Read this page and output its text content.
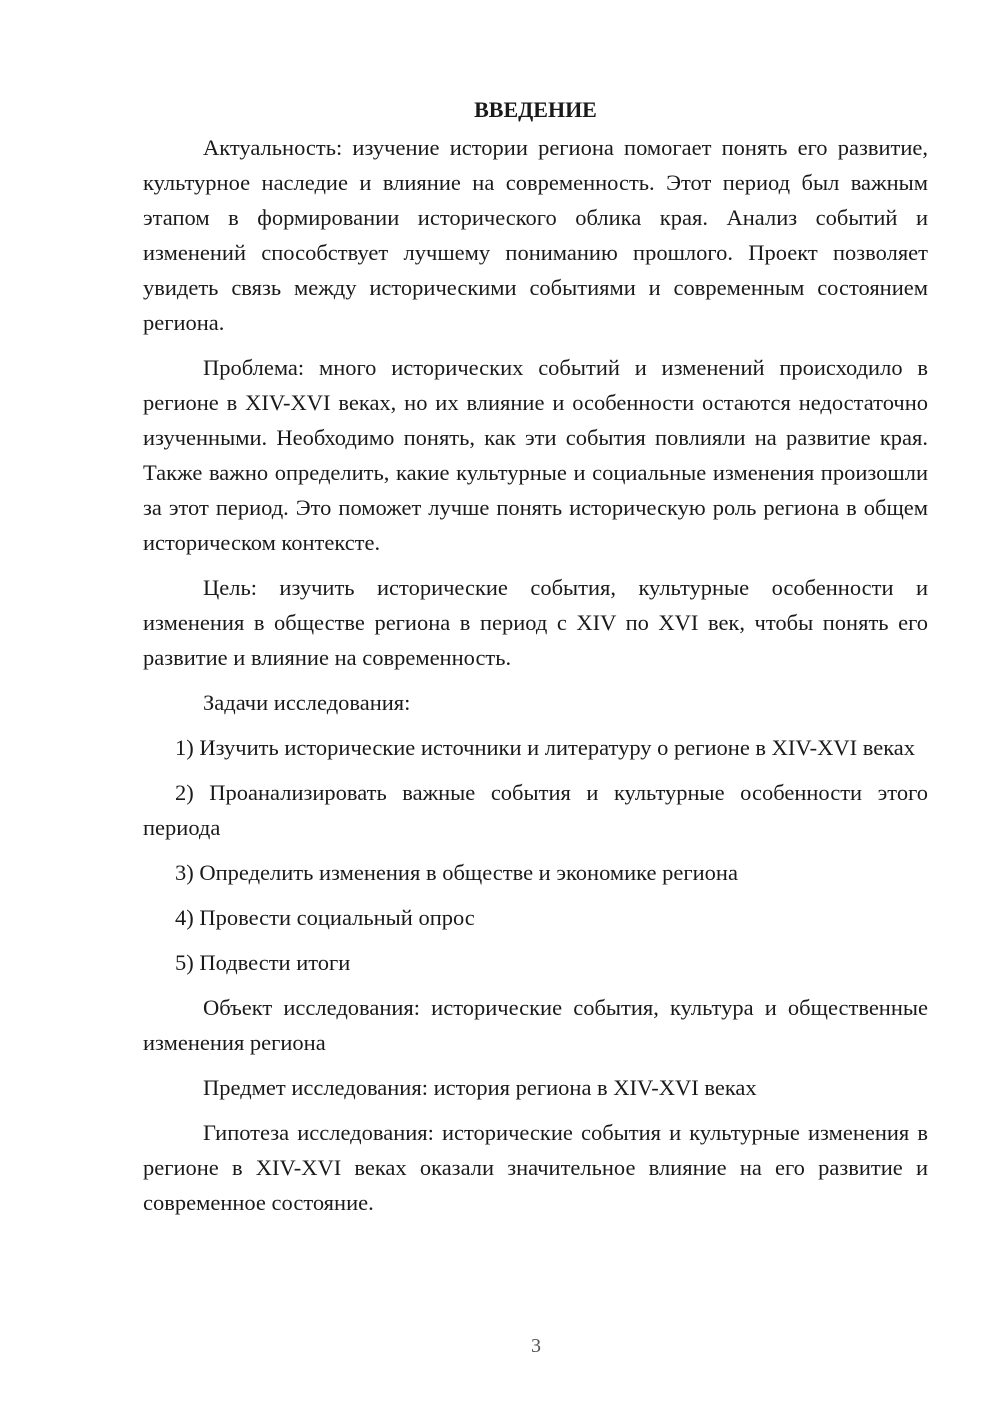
ВВЕДЕНИЕ

Актуальность: изучение истории региона помогает понять его развитие, культурное наследие и влияние на современность. Этот период был важным этапом в формировании исторического облика края. Анализ событий и изменений способствует лучшему пониманию прошлого. Проект позволяет увидеть связь между историческими событиями и современным состоянием региона.

Проблема: много исторических событий и изменений происходило в регионе в XIV-XVI веках, но их влияние и особенности остаются недостаточно изученными. Необходимо понять, как эти события повлияли на развитие края. Также важно определить, какие культурные и социальные изменения произошли за этот период. Это поможет лучше понять историческую роль региона в общем историческом контексте.

Цель: изучить исторические события, культурные особенности и изменения в обществе региона в период с XIV по XVI век, чтобы понять его развитие и влияние на современность.

Задачи исследования:

1) Изучить исторические источники и литературу о регионе в XIV-XVI веках

2) Проанализировать важные события и культурные особенности этого периода

3) Определить изменения в обществе и экономике региона

4) Провести социальный опрос

5) Подвести итоги

Объект исследования: исторические события, культура и общественные изменения региона

Предмет исследования: история региона в XIV-XVI веках

Гипотеза исследования: исторические события и культурные изменения в регионе в XIV-XVI веках оказали значительное влияние на его развитие и современное состояние.

3
